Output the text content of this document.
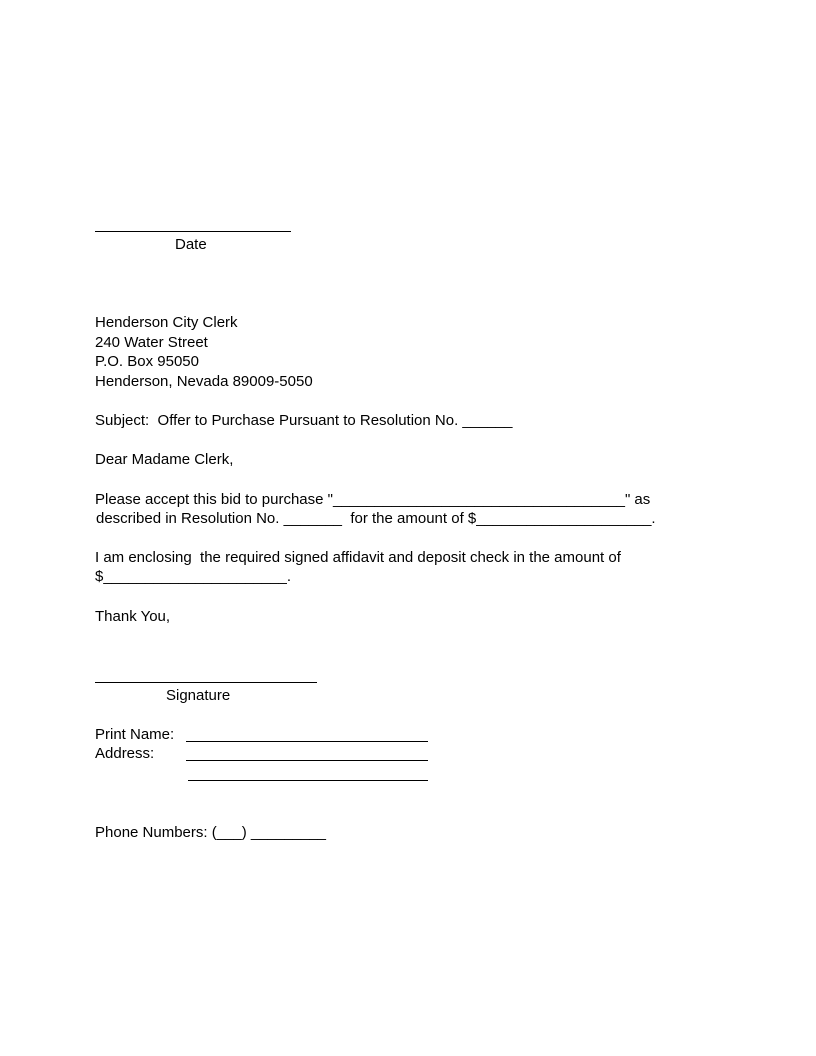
Date
Henderson City Clerk
240 Water Street
P.O. Box 95050
Henderson, Nevada 89009-5050
Subject:  Offer to Purchase Pursuant to Resolution No. ______
Dear Madame Clerk,
Please accept this bid to purchase "___________________________________" as
described in Resolution No. _______  for the amount of $_____________________.
I am enclosing  the required signed affidavit and deposit check in the amount of
$______________________.
Thank You,
Signature
Print Name:
Address:
Phone Numbers: (___) _________
